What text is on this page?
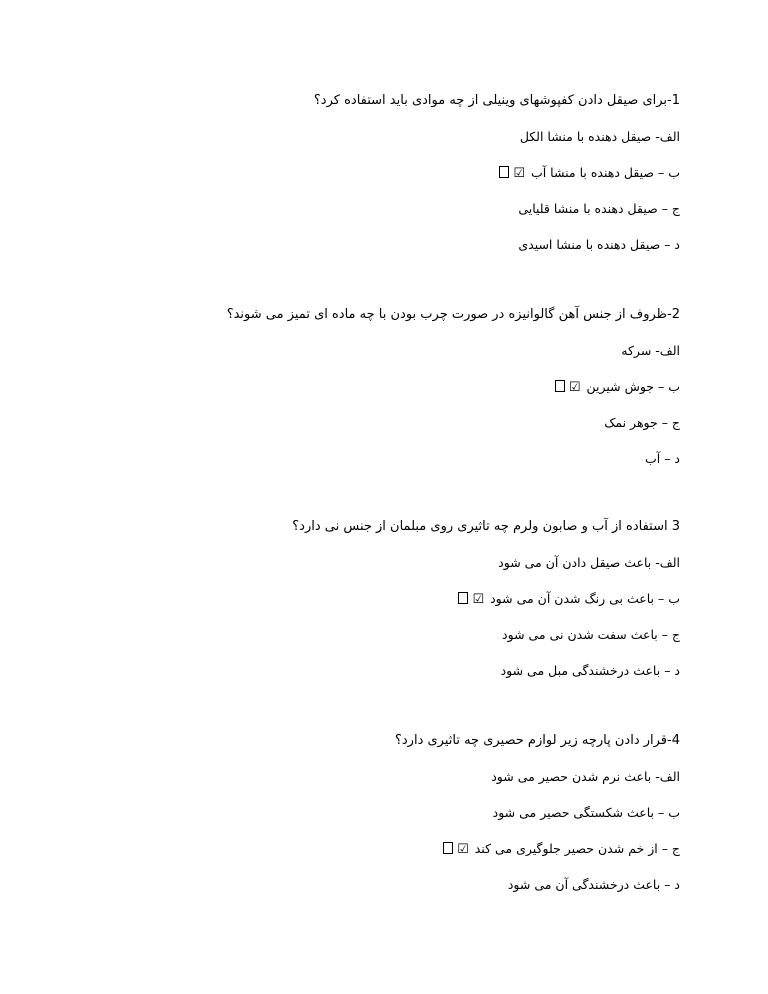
1-برای صیقل دادن کفپوشهای وینیلی از چه موادی باید استفاده کرد؟
الف- صیقل دهنده با منشا الکل
ب – صیقل دهنده با منشا آب☑
ج – صیقل دهنده با منشا قلیایی
د – صیقل دهنده با منشا اسیدی
2-ظروف از جنس آهن گالوانیزه در صورت چرب بودن با چه ماده ای تمیز می شوند؟
الف- سرکه
ب – جوش شیرین☑
ج – جوهر نمک
د – آب
3 استفاده از آب و صابون ولرم چه تاثیری روی مبلمان از جنس نی دارد؟
الف- باعث صیقل دادن آن می شود
ب – باعث بی رنگ شدن آن می شود☑
ج – باعث سفت شدن نی می شود
د – باعث درخشندگی مبل می شود
4-قرار دادن پارچه زیر لوازم حصیری چه تاثیری دارد؟
الف- باعث نرم شدن حصیر می شود
ب – باعث شکستگی حصیر می شود
ج – از خم شدن حصیر جلوگیری می کند☑
د – باعث درخشندگی آن می شود
